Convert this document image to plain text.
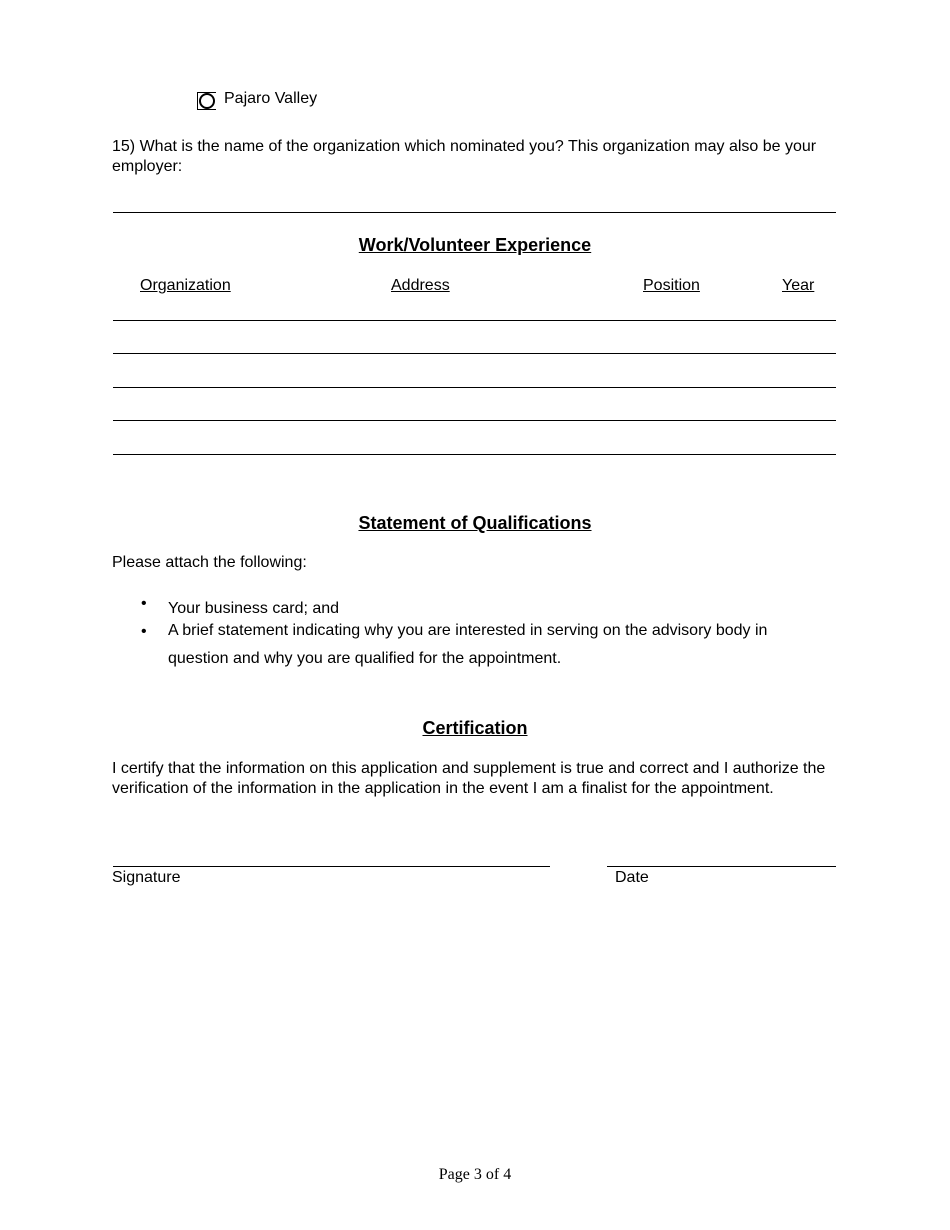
Pajaro Valley
15) What is the name of the organization which nominated you? This organization may also be your employer:
Work/Volunteer Experience
Organization	Address	Position	Year
Statement of Qualifications
Please attach the following:
• Your business card; and
• A brief statement indicating why you are interested in serving on the advisory body in question and why you are qualified for the appointment.
Certification
I certify that the information on this application and supplement is true and correct and I authorize the verification of the information in the application in the event I am a finalist for the appointment.
Signature	Date
Page 3 of 4
